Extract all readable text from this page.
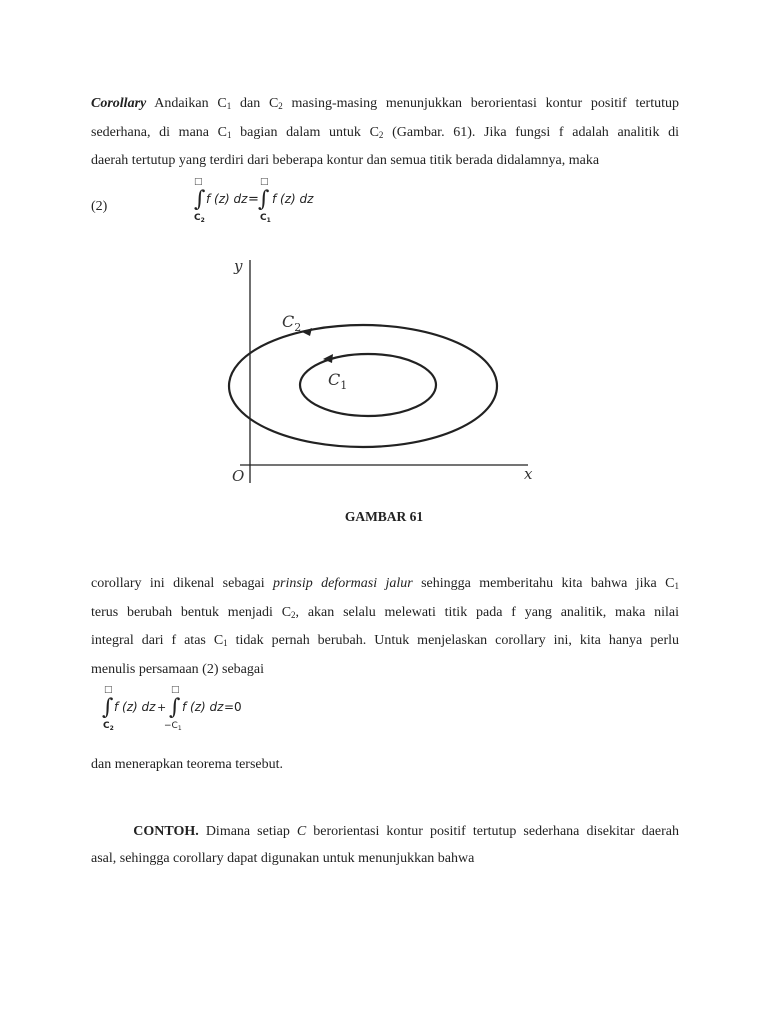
Corollary Andaikan $C_1$ dan $C_2$ masing-masing menunjukkan berorientasi kontur positif tertutup
sederhana, di mana $C_1$ bagian dalam untuk $C_2$ (Gambar. 61). Jika fungsi f adalah analitik di
daerah tertutup yang terdiri dari beberapa kontur dan semua titik berada didalamnya, maka
(2)
□
∫
$C_2$
f (z) dz =
□
∫
$C_1$
f (z) dz
y
x
O
$C_2$
$C_1$
GAMBAR 61
corollary ini dikenal sebagai prinsip deformasi jalur sehingga memberitahu kita bahwa jika $C_1$
terus berubah bentuk menjadi $C_2$, akan selalu melewati titik pada f yang analitik, maka nilai
integral dari f atas $C_1$ tidak pernah berubah. Untuk menjelaskan corollary ini, kita hanya perlu
menulis persamaan (2) sebagai
□
∫
$C_2$
f (z) dz +
□
∫
$-C_1$
f (z) dz =0
dan menerapkan teorema tersebut.
CONTOH. Dimana setiap C berorientasi kontur positif tertutup sederhana disekitar daerah
asal, sehingga corollary dapat digunakan untuk menunjukkan bahwa
